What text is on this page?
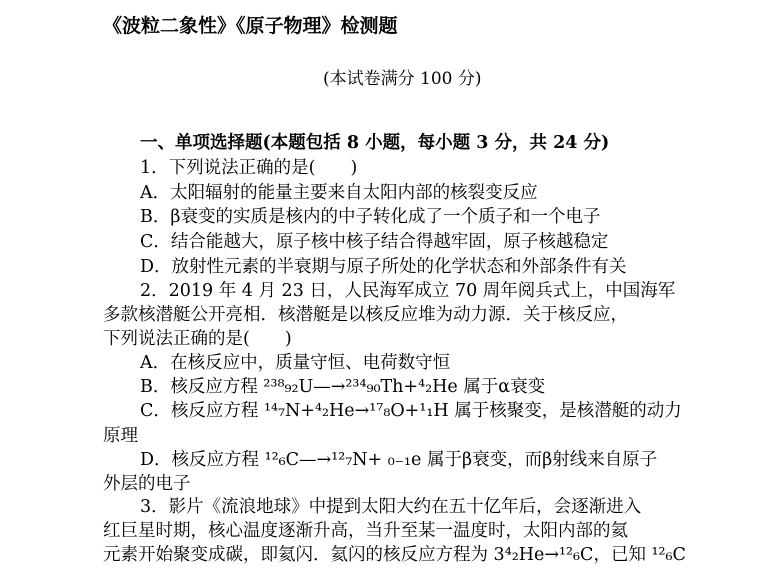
《波粒二象性》《原子物理》检测题
(本试卷满分 100 分)
一、单项选择题(本题包括 8 小题，每小题 3 分，共 24 分)
1．下列说法正确的是(　　)
A．太阳辐射的能量主要来自太阳内部的核裂变反应
B．β衰变的实质是核内的中子转化成了一个质子和一个电子
C．结合能越大，原子核中核子结合得越牢固，原子核越稳定
D．放射性元素的半衰期与原子所处的化学状态和外部条件有关
2．2019 年 4 月 23 日，人民海军成立 70 周年阅兵式上，中国海军
多款核潜艇公开亮相．核潜艇是以核反应堆为动力源．关于核反应，
下列说法正确的是(　　)
A．在核反应中，质量守恒、电荷数守恒
B．核反应方程 ²³⁸₉₂U—→²³⁴₉₀Th+⁴₂He 属于α衰变
C．核反应方程 ¹⁴₇N+⁴₂He→¹⁷₈O+¹₁H 属于核聚变，是核潜艇的动力
原理
D．核反应方程 ¹²₆C—→¹²₇N+ ₀₋₁e 属于β衰变，而β射线来自原子
外层的电子
3．影片《流浪地球》中提到太阳大约在五十亿年后，会逐渐进入
红巨星时期，核心温度逐渐升高，当升至某一温度时，太阳内部的氦
元素开始聚变成碳，即氦闪．氦闪的核反应方程为 3⁴₂He→¹²₆C，已知 ¹²₆C
